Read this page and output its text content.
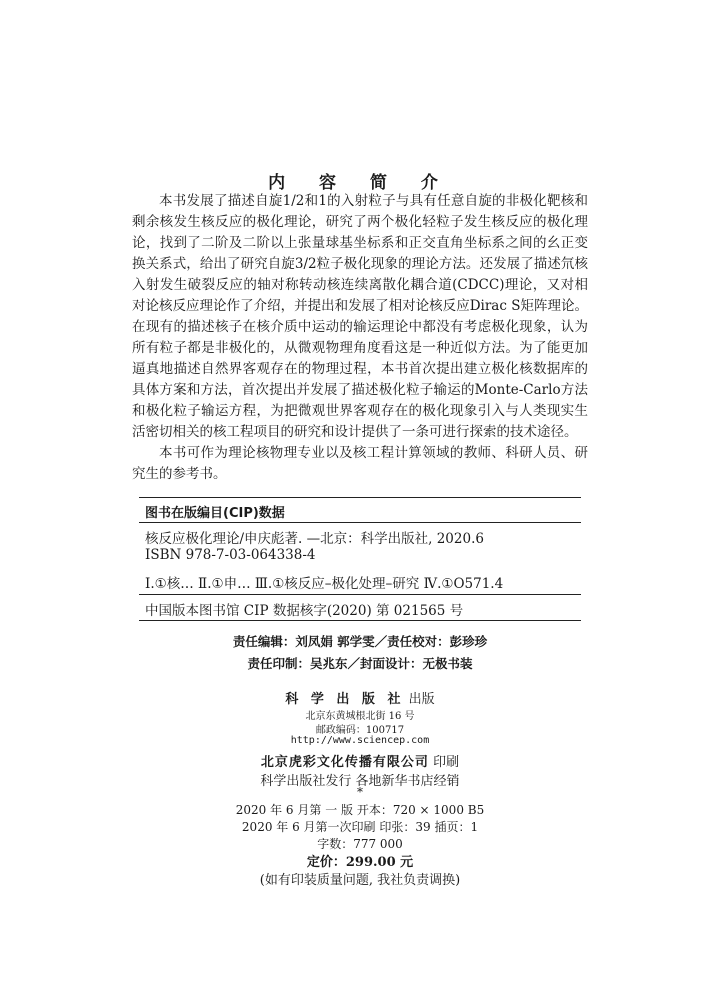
内 容 简 介

本书发展了描述自旋1/2和1的入射粒子与具有任意自旋的非极化靶核和剩余核发生核反应的极化理论，研究了两个极化轻粒子发生核反应的极化理论，找到了二阶及二阶以上张量球基坐标系和正交直角坐标系之间的幺正变换关系式，给出了研究自旋3/2粒子极化现象的理论方法。还发展了描述氘核入射发生破裂反应的轴对称转动核连续离散化耦合道(CDCC)理论，又对相对论核反应理论作了介绍，并提出和发展了相对论核反应Dirac S矩阵理论。在现有的描述核子在核介质中运动的输运理论中都没有考虑极化现象，认为所有粒子都是非极化的，从微观物理角度看这是一种近似方法。为了能更加逼真地描述自然界客观存在的物理过程，本书首次提出建立极化核数据库的具体方案和方法，首次提出并发展了描述极化粒子输运的Monte-Carlo方法和极化粒子输运方程，为把微观世界客观存在的极化现象引入与人类现实生活密切相关的核工程项目的研究和设计提供了一条可进行探索的技术途径。

本书可作为理论核物理专业以及核工程计算领域的教师、科研人员、研究生的参考书。

图书在版编目(CIP)数据
核反应极化理论/申庆彪著. —北京：科学出版社, 2020.6
ISBN 978-7-03-064338-4
Ⅰ.①核… Ⅱ.①申… Ⅲ.①核反应–极化处理–研究 Ⅳ.①O571.4
中国版本图书馆 CIP 数据核字(2020) 第 021565 号
责任编辑：刘凤娟 郭学雯／责任校对：彭珍珍
责任印制：吴兆东／封面设计：无极书装
科 学 出 版 社 出版
北京东黄城根北街 16 号
邮政编码：100717
http://www.sciencep.com
北京虎彩文化传播有限公司 印刷
科学出版社发行 各地新华书店经销
*
2020 年 6 月第 一 版 开本：720 × 1000 B5
2020 年 6 月第一次印刷 印张：39 插页：1
字数：777 000
定价：299.00 元
(如有印装质量问题, 我社负责调换)
